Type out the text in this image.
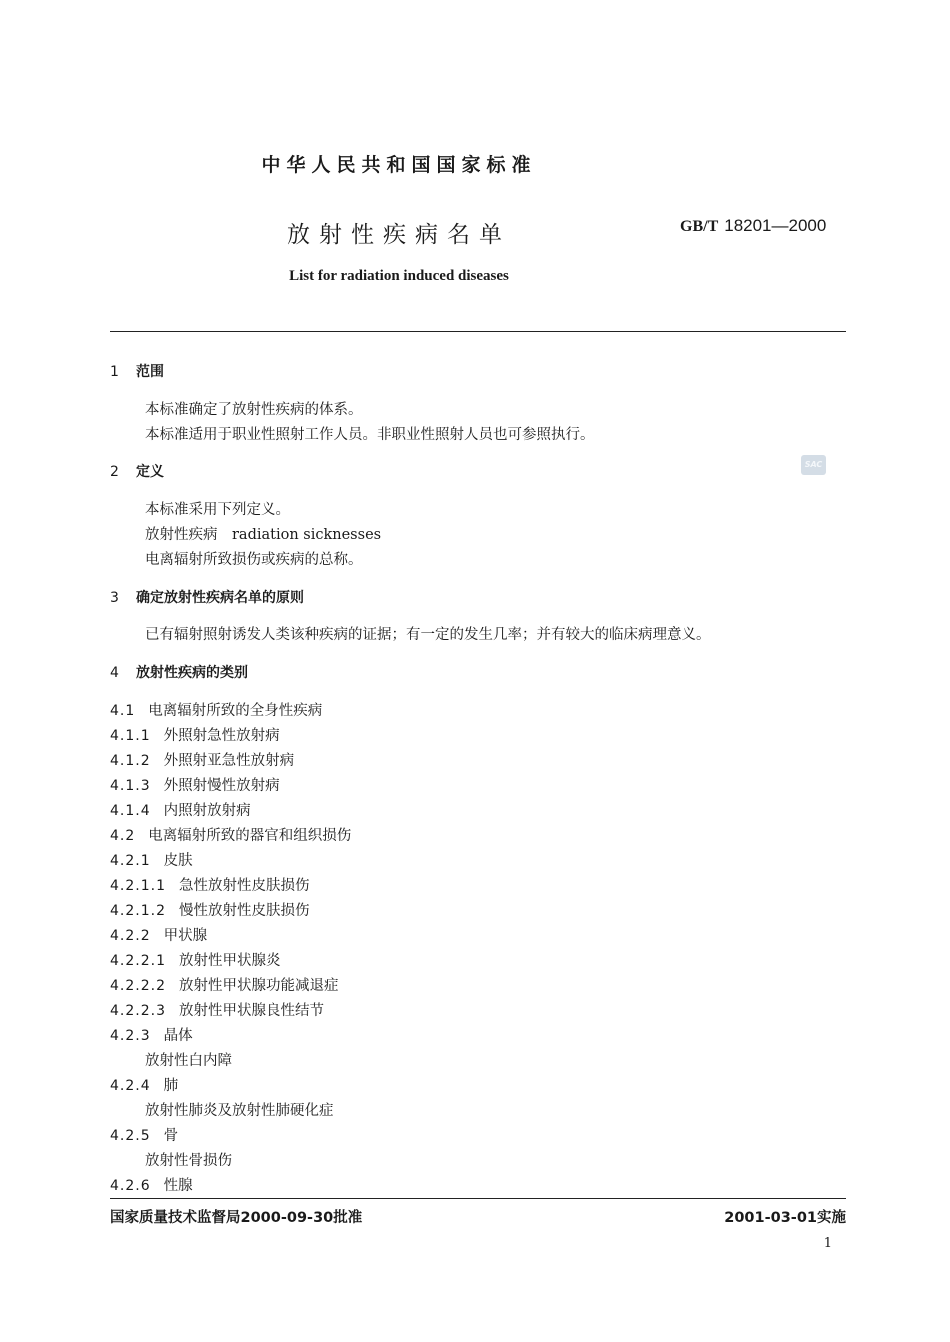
中华人民共和国国家标准
放射性疾病名单	GB/T 18201—2000
List for radiation induced diseases
1 范围
本标准确定了放射性疾病的体系。
本标准适用于职业性照射工作人员。非职业性照射人员也可参照执行。
2 定义	SAC
本标准采用下列定义。
放射性疾病　radiation sicknesses
电离辐射所致损伤或疾病的总称。
3 确定放射性疾病名单的原则
已有辐射照射诱发人类该种疾病的证据；有一定的发生几率；并有较大的临床病理意义。
4 放射性疾病的类别
4.1 电离辐射所致的全身性疾病
4.1.1 外照射急性放射病
4.1.2 外照射亚急性放射病
4.1.3 外照射慢性放射病
4.1.4 内照射放射病
4.2 电离辐射所致的器官和组织损伤
4.2.1 皮肤
4.2.1.1 急性放射性皮肤损伤
4.2.1.2 慢性放射性皮肤损伤
4.2.2 甲状腺
4.2.2.1 放射性甲状腺炎
4.2.2.2 放射性甲状腺功能减退症
4.2.2.3 放射性甲状腺良性结节
4.2.3 晶体
放射性白内障
4.2.4 肺
放射性肺炎及放射性肺硬化症
4.2.5 骨
放射性骨损伤
4.2.6 性腺
国家质量技术监督局2000-09-30批准	2001-03-01实施
1
